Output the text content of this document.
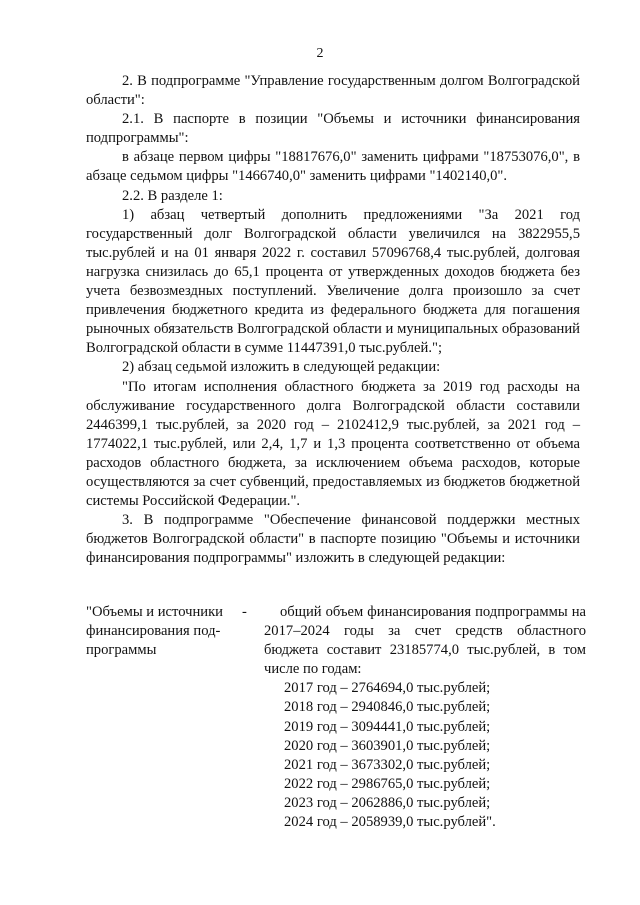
2

2. В подпрограмме "Управление государственным долгом Волгоградской области":

2.1. В паспорте в позиции "Объемы и источники финансирования подпрограммы":

в абзаце первом цифры "18817676,0" заменить цифрами "18753076,0", в абзаце седьмом цифры "1466740,0" заменить цифрами "1402140,0".

2.2. В разделе 1:

1) абзац четвертый дополнить предложениями "За 2021 год государственный долг Волгоградской области увеличился на 3822955,5 тыс.рублей и на 01 января 2022 г. составил 57096768,4 тыс.рублей, долговая нагрузка снизилась до 65,1 процента от утвержденных доходов бюджета без учета безвозмездных поступлений. Увеличение долга произошло за счет привлечения бюджетного кредита из федерального бюджета для погашения рыночных обязательств Волгоградской области и муниципальных образований Волгоградской области в сумме 11447391,0 тыс.рублей.";

2) абзац седьмой изложить в следующей редакции:

"По итогам исполнения областного бюджета за 2019 год расходы на обслуживание государственного долга Волгоградской области составили 2446399,1 тыс.рублей, за 2020 год – 2102412,9 тыс.рублей, за 2021 год – 1774022,1 тыс.рублей, или 2,4, 1,7 и 1,3 процента соответственно от объема расходов областного бюджета, за исключением объема расходов, которые осуществляются за счет субвенций, предоставляемых из бюджетов бюджетной системы Российской Федерации.".

3. В подпрограмме "Обеспечение финансовой поддержки местных бюджетов Волгоградской области" в паспорте позицию "Объемы и источники финансирования подпрограммы" изложить в следующей редакции:

"Объемы и источники
финансирования под-
программы
-	общий объем финансирования подпрограммы на 2017–2024 годы за счет средств областного бюджета составит 23185774,0 тыс.рублей, в том числе по годам:

2017 год – 2764694,0 тыс.рублей;
2018 год – 2940846,0 тыс.рублей;
2019 год – 3094441,0 тыс.рублей;
2020 год – 3603901,0 тыс.рублей;
2021 год – 3673302,0 тыс.рублей;
2022 год – 2986765,0 тыс.рублей;
2023 год – 2062886,0 тыс.рублей;
2024 год – 2058939,0 тыс.рублей".
